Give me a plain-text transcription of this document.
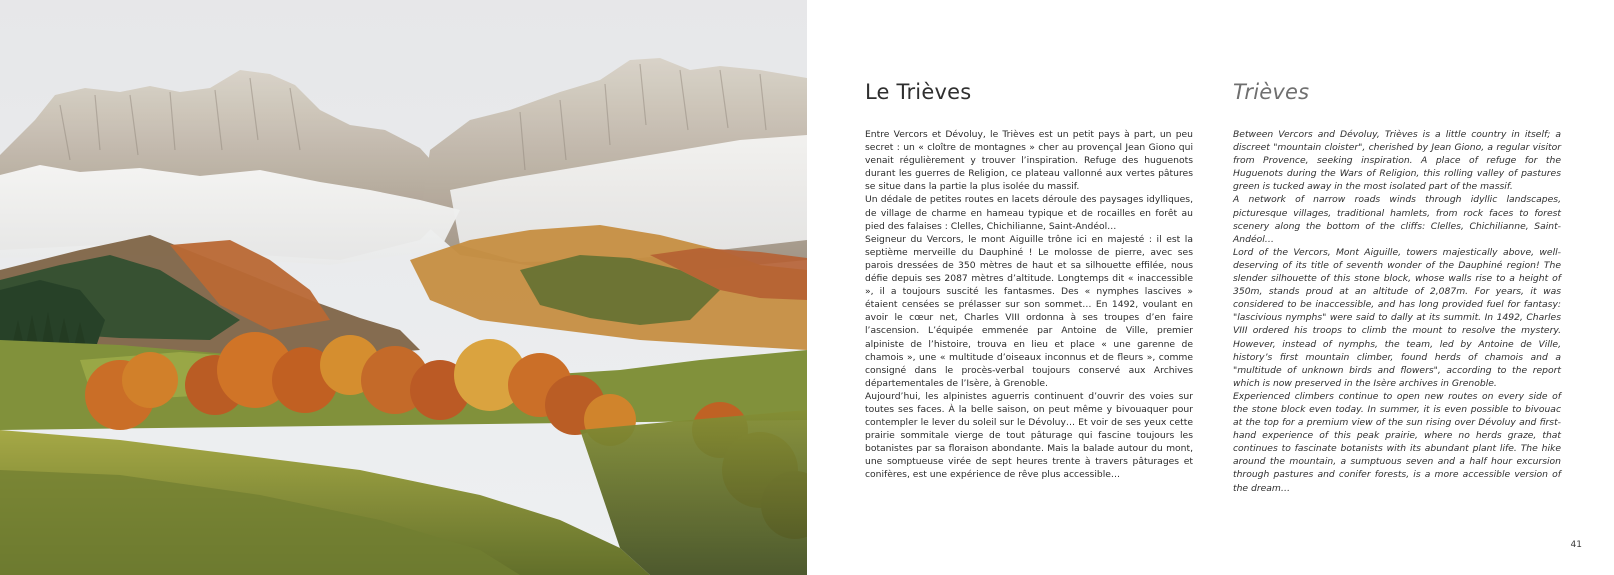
Le Trièves

Entre Vercors et Dévoluy, le Trièves est un petit pays à part, un peu secret : un « cloître de montagnes » cher au provençal Jean Giono qui venait régulièrement y trouver l’inspiration. Refuge des huguenots durant les guerres de Religion, ce plateau vallonné aux vertes pâtures se situe dans la partie la plus isolée du massif.

Un dédale de petites routes en lacets déroule des paysages idylliques, de village de charme en hameau typique et de rocailles en forêt au pied des falaises : Clelles, Chichilianne, Saint-Andéol…

Seigneur du Vercors, le mont Aiguille trône ici en majesté : il est la septième merveille du Dauphiné ! Le molosse de pierre, avec ses parois dressées de 350 mètres de haut et sa silhouette effilée, nous défie depuis ses 2087 mètres d’altitude. Longtemps dit « inaccessible », il a toujours suscité les fantasmes. Des « nymphes lascives » étaient censées se prélasser sur son sommet… En 1492, voulant en avoir le cœur net, Charles VIII ordonna à ses troupes d’en faire l’ascension. L’équipée emmenée par Antoine de Ville, premier alpiniste de l’histoire, trouva en lieu et place « une garenne de chamois », une « multitude d’oiseaux inconnus et de fleurs », comme consigné dans le procès-verbal toujours conservé aux Archives départementales de l’Isère, à Grenoble.

Aujourd’hui, les alpinistes aguerris continuent d’ouvrir des voies sur toutes ses faces. À la belle saison, on peut même y bivouaquer pour contempler le lever du soleil sur le Dévoluy… Et voir de ses yeux cette prairie sommitale vierge de tout pâturage qui fascine toujours les botanistes par sa floraison abondante. Mais la balade autour du mont, une somptueuse virée de sept heures trente à travers pâturages et conifères, est une expérience de rêve plus accessible…

Trièves

Between Vercors and Dévoluy, Trièves is a little country in itself; a discreet "mountain cloister", cherished by Jean Giono, a regular visitor from Provence, seeking inspiration. A place of refuge for the Huguenots during the Wars of Religion, this rolling valley of pastures green is tucked away in the most isolated part of the massif.

A network of narrow roads winds through idyllic landscapes, picturesque villages, traditional hamlets, from rock faces to forest scenery along the bottom of the cliffs: Clelles, Chichilianne, Saint-Andéol…

Lord of the Vercors, Mont Aiguille, towers majestically above, well-deserving of its title of seventh wonder of the Dauphiné region! The slender silhouette of this stone block, whose walls rise to a height of 350m, stands proud at an altitude of 2,087m. For years, it was considered to be inaccessible, and has long provided fuel for fantasy: "lascivious nymphs" were said to dally at its summit. In 1492, Charles VIII ordered his troops to climb the mount to resolve the mystery. However, instead of nymphs, the team, led by Antoine de Ville, history’s first mountain climber, found herds of chamois and a "multitude of unknown birds and flowers", according to the report which is now preserved in the Isère archives in Grenoble.

Experienced climbers continue to open new routes on every side of the stone block even today. In summer, it is even possible to bivouac at the top for a premium view of the sun rising over Dévoluy and first-hand experience of this peak prairie, where no herds graze, that continues to fascinate botanists with its abundant plant life. The hike around the mountain, a sumptuous seven and a half hour excursion through pastures and conifer forests, is a more accessible version of the dream…

41
